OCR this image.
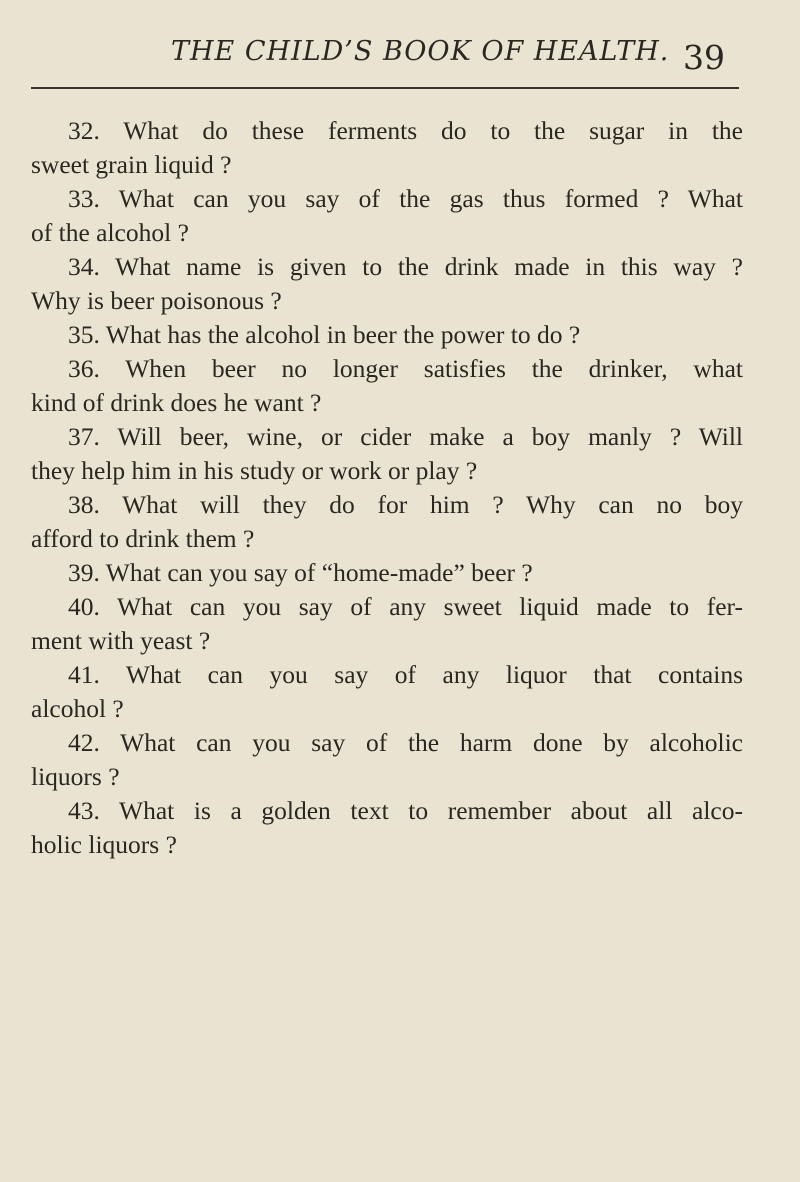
THE CHILD’S BOOK OF HEALTH. 39
32. What do these ferments do to the sugar in the
sweet grain liquid ?
33. What can you say of the gas thus formed ? What
of the alcohol ?
34. What name is given to the drink made in this way ?
Why is beer poisonous ?
35. What has the alcohol in beer the power to do ?
36. When beer no longer satisfies the drinker, what
kind of drink does he want ?
37. Will beer, wine, or cider make a boy manly ? Will
they help him in his study or work or play ?
38. What will they do for him ? Why can no boy
afford to drink them ?
39. What can you say of “home-made” beer ?
40. What can you say of any sweet liquid made to fer-
ment with yeast ?
41. What can you say of any liquor that contains
alcohol ?
42. What can you say of the harm done by alcoholic
liquors ?
43. What is a golden text to remember about all alco-
holic liquors ?
